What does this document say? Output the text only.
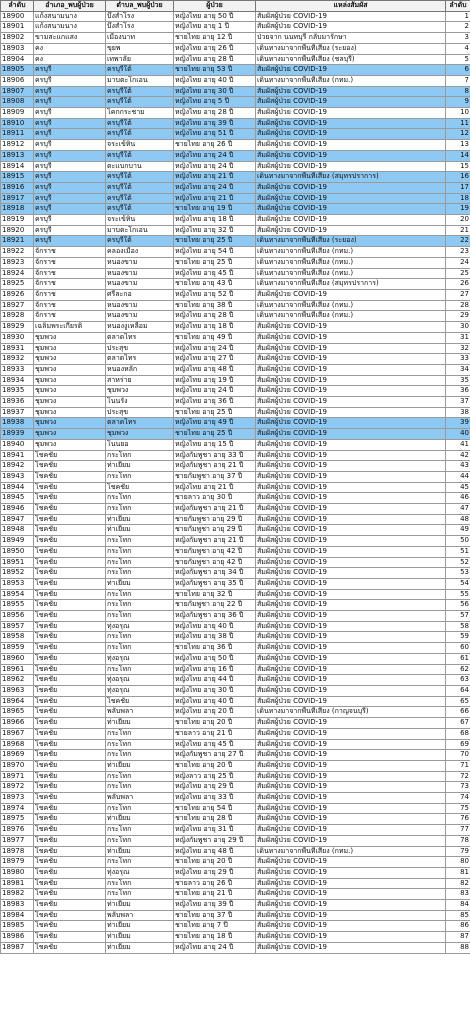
ลำดับ	อำเภอ_พบผู้ป่วย	ตำบล_พบผู้ป่วย	ผู้ป่วย	แหล่งสัมผัส	ลำดับ
18900	แก้งสนามนาง	บึงสำโรง	หญิงไทย อายุ 50 ปี	สัมผัสผู้ป่วย COVID-19	1
18901	แก้งสนามนาง	บึงสำโรง	หญิงไทย อายุ 1 ปี	สัมผัสผู้ป่วย COVID-19	2
18902	ขามสะแกแสง	เมืองนาท	ชายไทย อายุ 12 ปี	ป่วยจาก นนทบุรี กลับมารักษา	3
18903	คง	ขุยพ	หญิงไทย อายุ 26 ปี	เดินทางมาจากพื้นที่เสี่ยง (ระยอง)	4
18904	คง	เทพาลัย	หญิงไทย อายุ 28 ปี	เดินทางมาจากพื้นที่เสี่ยง (ชลบุรี)	5
18905	ครบุรี	ครบุรีใต้	ชายไทย อายุ 53 ปี	สัมผัสผู้ป่วย COVID-19	6
18906	ครบุรี	มาบตะโกเอน	หญิงไทย อายุ 40 ปี	เดินทางมาจากพื้นที่เสี่ยง (กทม.)	7
18907	ครบุรี	ครบุรีใต้	หญิงไทย อายุ 30 ปี	สัมผัสผู้ป่วย COVID-19	8
18908	ครบุรี	ครบุรีใต้	หญิงไทย อายุ 5 ปี	สัมผัสผู้ป่วย COVID-19	9
18909	ครบุรี	โคกกระชาย	หญิงไทย อายุ 28 ปี	สัมผัสผู้ป่วย COVID-19	10
18910	ครบุรี	ครบุรีใต้	หญิงไทย อายุ 39 ปี	สัมผัสผู้ป่วย COVID-19	11
18911	ครบุรี	ครบุรีใต้	หญิงไทย อายุ 51 ปี	สัมผัสผู้ป่วย COVID-19	12
18912	ครบุรี	จระเข้หิน	ชายไทย อายุ 26 ปี	สัมผัสผู้ป่วย COVID-19	13
18913	ครบุรี	ครบุรีใต้	หญิงไทย อายุ 24 ปี	สัมผัสผู้ป่วย COVID-19	14
18914	ครบุรี	ตะแบกบาน	หญิงไทย อายุ 24 ปี	สัมผัสผู้ป่วย COVID-19	15
18915	ครบุรี	ครบุรีใต้	หญิงไทย อายุ 21 ปี	เดินทางมาจากพื้นที่เสี่ยง (สมุทรปราการ)	16
18916	ครบุรี	ครบุรีใต้	หญิงไทย อายุ 24 ปี	สัมผัสผู้ป่วย COVID-19	17
18917	ครบุรี	ครบุรีใต้	หญิงไทย อายุ 21 ปี	สัมผัสผู้ป่วย COVID-19	18
18918	ครบุรี	ครบุรีใต้	ชายไทย อายุ 19 ปี	สัมผัสผู้ป่วย COVID-19	19
18919	ครบุรี	จระเข้หิน	หญิงไทย อายุ 18 ปี	สัมผัสผู้ป่วย COVID-19	20
18920	ครบุรี	มาบตะโกเอน	หญิงไทย อายุ 32 ปี	สัมผัสผู้ป่วย COVID-19	21
18921	ครบุรี	ครบุรีใต้	ชายไทย อายุ 25 ปี	เดินทางมาจากพื้นที่เสี่ยง (ระยอง)	22
18922	จักราช	คลองเมือง	หญิงไทย อายุ 54 ปี	เดินทางมาจากพื้นที่เสี่ยง (กทม.)	23
18923	จักราช	หนองขาม	ชายไทย อายุ 25 ปี	เดินทางมาจากพื้นที่เสี่ยง (กทม.)	24
18924	จักราช	หนองขาม	หญิงไทย อายุ 45 ปี	เดินทางมาจากพื้นที่เสี่ยง (กทม.)	25
18925	จักราช	หนองขาม	ชายไทย อายุ 43 ปี	เดินทางมาจากพื้นที่เสี่ยง (สมุทรปราการ)	26
18926	จักราช	ศรีละกอ	หญิงไทย อายุ 52 ปี	สัมผัสผู้ป่วย COVID-19	27
18927	จักราช	หนองขาม	ชายไทย อายุ 38 ปี	เดินทางมาจากพื้นที่เสี่ยง (กทม.)	28
18928	จักราช	หนองขาม	หญิงไทย อายุ 28 ปี	เดินทางมาจากพื้นที่เสี่ยง (กทม.)	29
18929	เฉลิมพระเกียรติ	หนองงูเหลือม	หญิงไทย อายุ 18 ปี	สัมผัสผู้ป่วย COVID-19	30
18930	ชุมพวง	ตลาดไทร	ชายไทย อายุ 49 ปี	สัมผัสผู้ป่วย COVID-19	31
18931	ชุมพวง	ประสุข	หญิงไทย อายุ 24 ปี	สัมผัสผู้ป่วย COVID-19	32
18932	ชุมพวง	ตลาดไทร	หญิงไทย อายุ 27 ปี	สัมผัสผู้ป่วย COVID-19	33
18933	ชุมพวง	หนองหลัก	หญิงไทย อายุ 48 ปี	สัมผัสผู้ป่วย COVID-19	34
18934	ชุมพวง	สาหร่าย	หญิงไทย อายุ 19 ปี	สัมผัสผู้ป่วย COVID-19	35
18935	ชุมพวง	ชุมพวง	หญิงไทย อายุ 24 ปี	สัมผัสผู้ป่วย COVID-19	36
18936	ชุมพวง	โนนรัง	หญิงไทย อายุ 36 ปี	สัมผัสผู้ป่วย COVID-19	37
18937	ชุมพวง	ประสุข	ชายไทย อายุ 25 ปี	สัมผัสผู้ป่วย COVID-19	38
18938	ชุมพวง	ตลาดไทร	หญิงไทย อายุ 49 ปี	สัมผัสผู้ป่วย COVID-19	39
18939	ชุมพวง	ชุมพวง	ชายไทย อายุ 25 ปี	สัมผัสผู้ป่วย COVID-19	40
18940	ชุมพวง	โนนยอ	หญิงไทย อายุ 15 ปี	สัมผัสผู้ป่วย COVID-19	41
18941	โชคชัย	กระโทก	หญิงกัมพูชา อายุ 33 ปี	สัมผัสผู้ป่วย COVID-19	42
18942	โชคชัย	ท่าเยี่ยม	หญิงกัมพูชา อายุ 21 ปี	สัมผัสผู้ป่วย COVID-19	43
18943	โชคชัย	กระโทก	ชายกัมพูชา อายุ 37 ปี	สัมผัสผู้ป่วย COVID-19	44
18944	โชคชัย	โชคชัย	หญิงไทย อายุ 21 ปี	สัมผัสผู้ป่วย COVID-19	45
18945	โชคชัย	กระโทก	ชายลาว อายุ 30 ปี	สัมผัสผู้ป่วย COVID-19	46
18946	โชคชัย	กระโทก	หญิงกัมพูชา อายุ 21 ปี	สัมผัสผู้ป่วย COVID-19	47
18947	โชคชัย	ท่าเยี่ยม	ชายกัมพูชา อายุ 29 ปี	สัมผัสผู้ป่วย COVID-19	48
18948	โชคชัย	ท่าเยี่ยม	ชายกัมพูชา อายุ 29 ปี	สัมผัสผู้ป่วย COVID-19	49
18949	โชคชัย	กระโทก	หญิงกัมพูชา อายุ 21 ปี	สัมผัสผู้ป่วย COVID-19	50
18950	โชคชัย	กระโทก	ชายกัมพูชา อายุ 42 ปี	สัมผัสผู้ป่วย COVID-19	51
18951	โชคชัย	กระโทก	ชายกัมพูชา อายุ 42 ปี	สัมผัสผู้ป่วย COVID-19	52
18952	โชคชัย	กระโทก	หญิงกัมพูชา อายุ 34 ปี	สัมผัสผู้ป่วย COVID-19	53
18953	โชคชัย	ท่าเยี่ยม	หญิงกัมพูชา อายุ 35 ปี	สัมผัสผู้ป่วย COVID-19	54
18954	โชคชัย	กระโทก	ชายไทย อายุ 32 ปี	สัมผัสผู้ป่วย COVID-19	55
18955	โชคชัย	กระโทก	ชายกัมพูชา อายุ 22 ปี	สัมผัสผู้ป่วย COVID-19	56
18956	โชคชัย	กระโทก	หญิงกัมพูชา อายุ 36 ปี	สัมผัสผู้ป่วย COVID-19	57
18957	โชคชัย	ทุ่งอรุณ	หญิงไทย อายุ 40 ปี	สัมผัสผู้ป่วย COVID-19	58
18958	โชคชัย	กระโทก	หญิงไทย อายุ 38 ปี	สัมผัสผู้ป่วย COVID-19	59
18959	โชคชัย	กระโทก	ชายไทย อายุ 36 ปี	สัมผัสผู้ป่วย COVID-19	60
18960	โชคชัย	ทุ่งอรุณ	หญิงไทย อายุ 50 ปี	สัมผัสผู้ป่วย COVID-19	61
18961	โชคชัย	กระโทก	หญิงไทย อายุ 16 ปี	สัมผัสผู้ป่วย COVID-19	62
18962	โชคชัย	ทุ่งอรุณ	หญิงไทย อายุ 44 ปี	สัมผัสผู้ป่วย COVID-19	63
18963	โชคชัย	ทุ่งอรุณ	หญิงไทย อายุ 30 ปี	สัมผัสผู้ป่วย COVID-19	64
18964	โชคชัย	โชคชัย	หญิงไทย อายุ 40 ปี	สัมผัสผู้ป่วย COVID-19	65
18965	โชคชัย	พลับพลา	หญิงไทย อายุ 20 ปี	เดินทางมาจากพื้นที่เสี่ยง (กาญจนบุรี)	66
18966	โชคชัย	ท่าเยี่ยม	ชายไทย อายุ 20 ปี	สัมผัสผู้ป่วย COVID-19	67
18967	โชคชัย	กระโทก	ชายลาว อายุ 21 ปี	สัมผัสผู้ป่วย COVID-19	68
18968	โชคชัย	กระโทก	หญิงไทย อายุ 45 ปี	สัมผัสผู้ป่วย COVID-19	69
18969	โชคชัย	กระโทก	หญิงกัมพูชา อายุ 27 ปี	สัมผัสผู้ป่วย COVID-19	70
18970	โชคชัย	ท่าเยี่ยม	ชายไทย อายุ 20 ปี	สัมผัสผู้ป่วย COVID-19	71
18971	โชคชัย	กระโทก	หญิงลาว อายุ 25 ปี	สัมผัสผู้ป่วย COVID-19	72
18972	โชคชัย	กระโทก	หญิงไทย อายุ 29 ปี	สัมผัสผู้ป่วย COVID-19	73
18973	โชคชัย	พลับพลา	หญิงไทย อายุ 33 ปี	สัมผัสผู้ป่วย COVID-19	74
18974	โชคชัย	กระโทก	ชายไทย อายุ 54 ปี	สัมผัสผู้ป่วย COVID-19	75
18975	โชคชัย	ท่าเยี่ยม	ชายไทย อายุ 28 ปี	สัมผัสผู้ป่วย COVID-19	76
18976	โชคชัย	กระโทก	หญิงไทย อายุ 31 ปี	สัมผัสผู้ป่วย COVID-19	77
18977	โชคชัย	กระโทก	หญิงกัมพูชา อายุ 29 ปี	สัมผัสผู้ป่วย COVID-19	78
18978	โชคชัย	ท่าเยี่ยม	หญิงไทย อายุ 48 ปี	เดินทางมาจากพื้นที่เสี่ยง (กทม.)	79
18979	โชคชัย	กระโทก	ชายไทย อายุ 20 ปี	สัมผัสผู้ป่วย COVID-19	80
18980	โชคชัย	ทุ่งอรุณ	หญิงไทย อายุ 29 ปี	สัมผัสผู้ป่วย COVID-19	81
18981	โชคชัย	กระโทก	ชายลาว อายุ 26 ปี	สัมผัสผู้ป่วย COVID-19	82
18982	โชคชัย	กระโทก	ชายไทย อายุ 21 ปี	สัมผัสผู้ป่วย COVID-19	83
18983	โชคชัย	ท่าเยี่ยม	หญิงไทย อายุ 39 ปี	สัมผัสผู้ป่วย COVID-19	84
18984	โชคชัย	พลับพลา	ชายไทย อายุ 37 ปี	สัมผัสผู้ป่วย COVID-19	85
18985	โชคชัย	ท่าเยี่ยม	ชายไทย อายุ 7 ปี	สัมผัสผู้ป่วย COVID-19	86
18986	โชคชัย	ท่าเยี่ยม	ชายไทย อายุ 18 ปี	สัมผัสผู้ป่วย COVID-19	87
18987	โชคชัย	ท่าเยี่ยม	หญิงไทย อายุ 24 ปี	สัมผัสผู้ป่วย COVID-19	88
